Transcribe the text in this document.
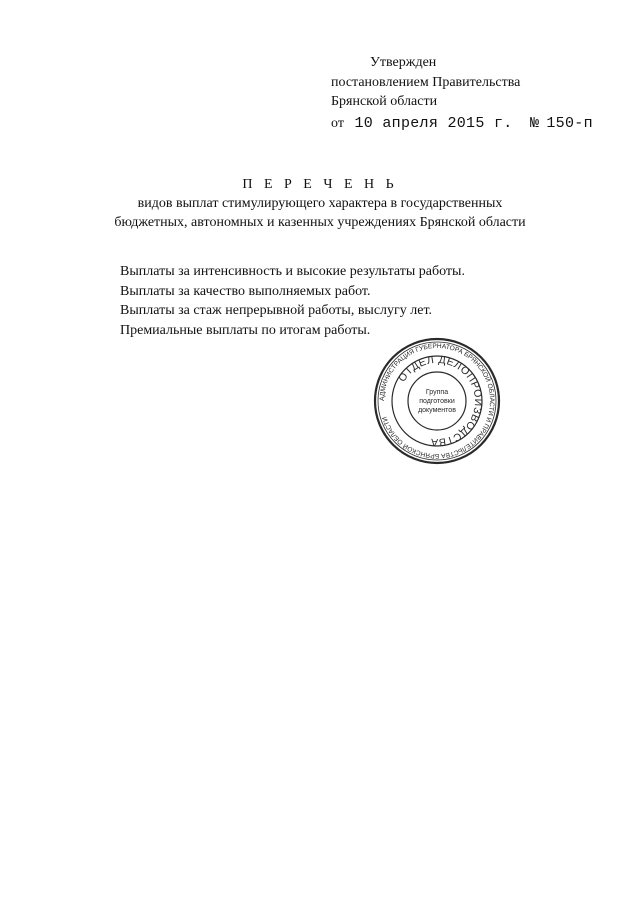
Утвержден
постановлением Правительства
Брянской области
от 10 апреля 2015 г. № 150-п
П Е Р Е Ч Е Н Ь
видов выплат стимулирующего характера в государственных
бюджетных, автономных и казенных учреждениях Брянской области
Выплаты за интенсивность и высокие результаты работы.
Выплаты за качество выполняемых работ.
Выплаты за стаж непрерывной работы, выслугу лет.
Премиальные выплаты по итогам работы.
АДМИНИСТРАЦИЯ ГУБЕРНАТОРА БРЯНСКОЙ ОБЛАСТИ И ПРАВИТЕЛЬСТВА БРЯНСКОЙ ОБЛАСТИ
ОТДЕЛ ДЕЛОПРОИЗВОДСТВА
Группа
подготовки
документов
